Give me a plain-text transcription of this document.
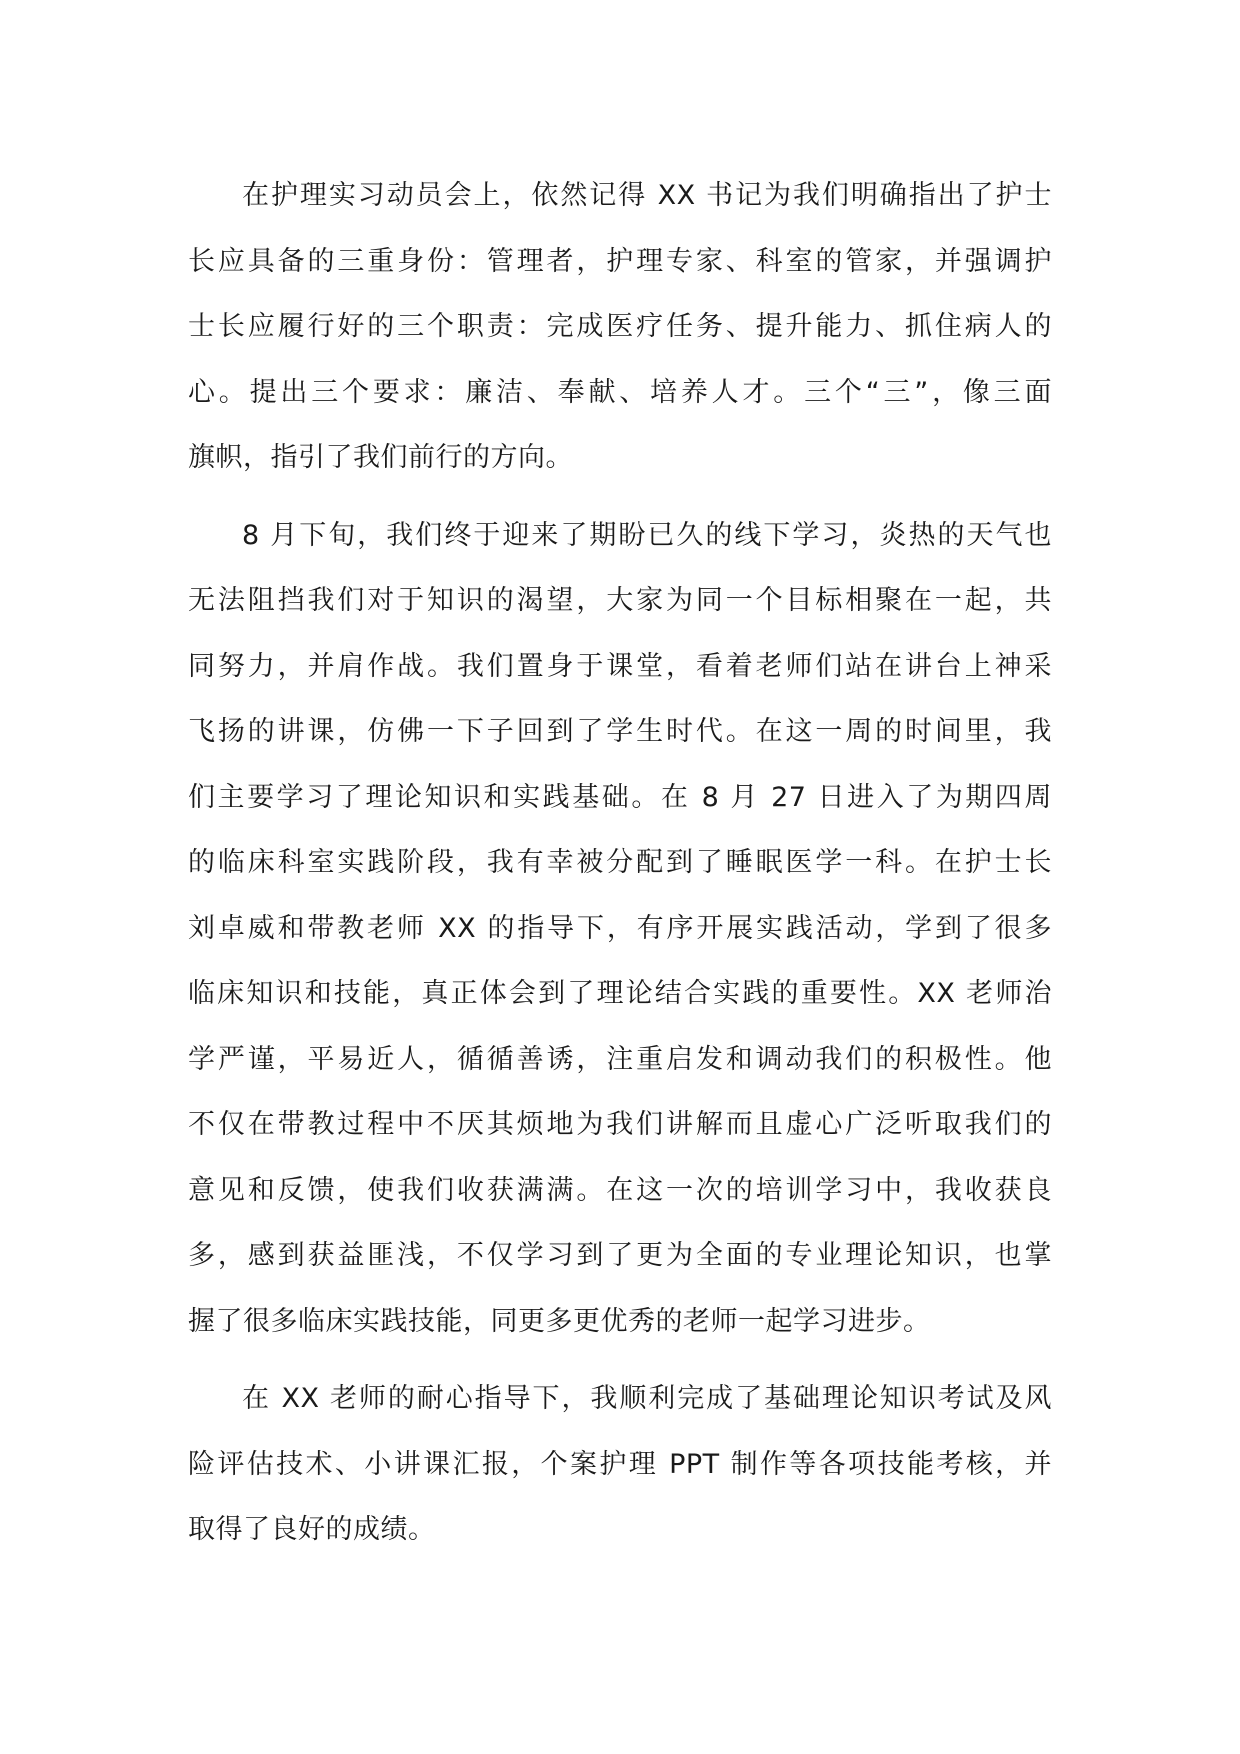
在护理实习动员会上，依然记得 XX 书记为我们明确指出了护士
长应具备的三重身份：管理者，护理专家、科室的管家，并强调护
士长应履行好的三个职责：完成医疗任务、提升能力、抓住病人的
心。提出三个要求：廉洁、奉献、培养人才。三个“三”，像三面
旗帜，指引了我们前行的方向。
8 月下旬，我们终于迎来了期盼已久的线下学习，炎热的天气也
无法阻挡我们对于知识的渴望，大家为同一个目标相聚在一起，共
同努力，并肩作战。我们置身于课堂，看着老师们站在讲台上神采
飞扬的讲课，仿佛一下子回到了学生时代。在这一周的时间里，我
们主要学习了理论知识和实践基础。在 8 月 27 日进入了为期四周
的临床科室实践阶段，我有幸被分配到了睡眠医学一科。在护士长
刘卓威和带教老师 XX 的指导下，有序开展实践活动，学到了很多
临床知识和技能，真正体会到了理论结合实践的重要性。XX 老师治
学严谨，平易近人，循循善诱，注重启发和调动我们的积极性。他
不仅在带教过程中不厌其烦地为我们讲解而且虚心广泛听取我们的
意见和反馈，使我们收获满满。在这一次的培训学习中，我收获良
多，感到获益匪浅，不仅学习到了更为全面的专业理论知识，也掌
握了很多临床实践技能，同更多更优秀的老师一起学习进步。
在 XX 老师的耐心指导下，我顺利完成了基础理论知识考试及风
险评估技术、小讲课汇报，个案护理 PPT 制作等各项技能考核，并
取得了良好的成绩。
